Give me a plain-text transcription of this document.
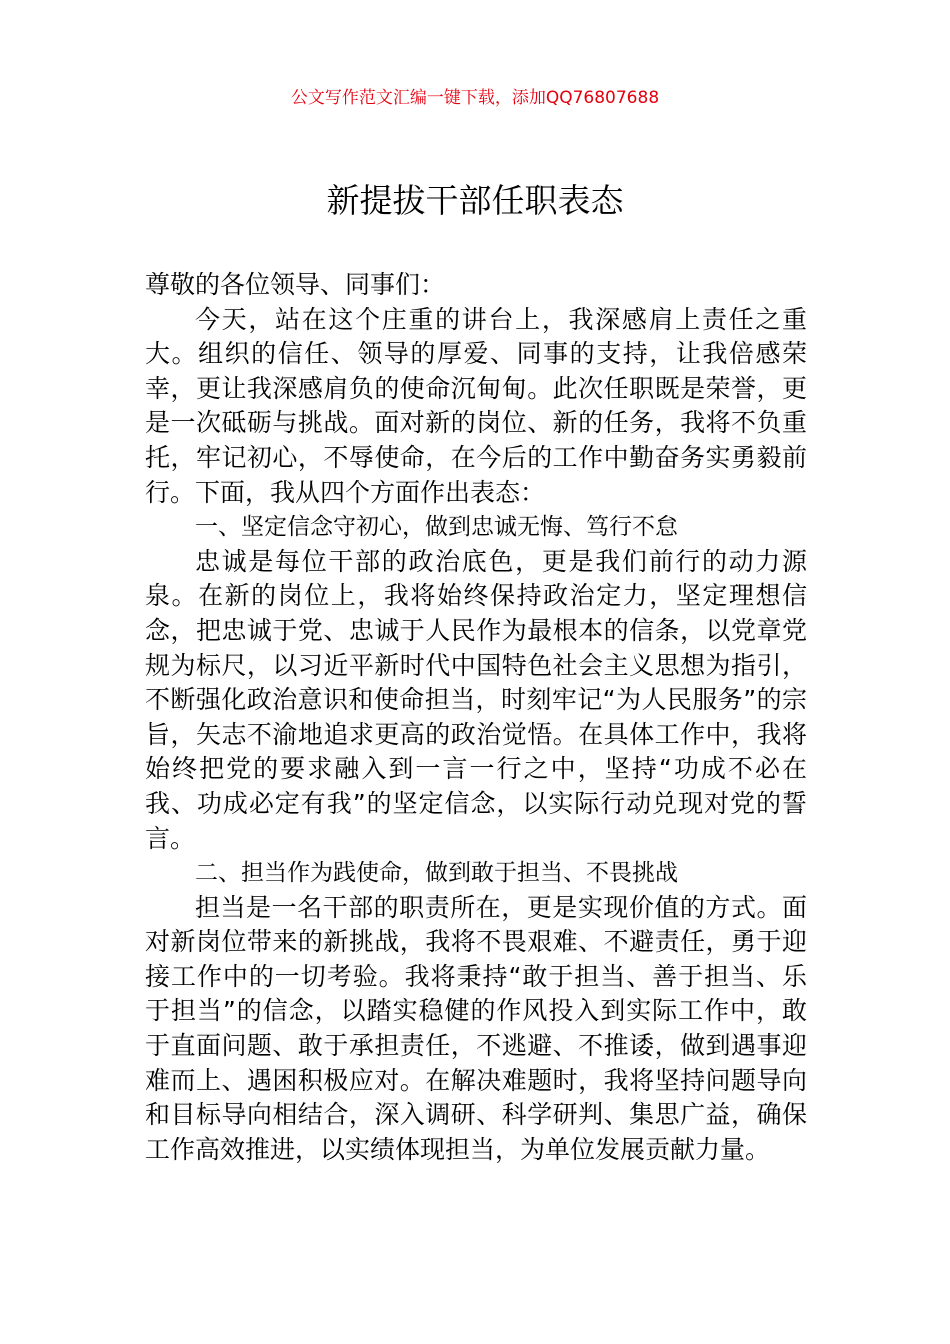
公文写作范文汇编一键下载，添加QQ76807688
新提拔干部任职表态

尊敬的各位领导、同事们：

今天，站在这个庄重的讲台上，我深感肩上责任之重大。组织的信任、领导的厚爱、同事的支持，让我倍感荣幸，更让我深感肩负的使命沉甸甸。此次任职既是荣誉，更是一次砥砺与挑战。面对新的岗位、新的任务，我将不负重托，牢记初心，不辱使命，在今后的工作中勤奋务实勇毅前行。下面，我从四个方面作出表态：

一、坚定信念守初心，做到忠诚无悔、笃行不怠

忠诚是每位干部的政治底色，更是我们前行的动力源泉。在新的岗位上，我将始终保持政治定力，坚定理想信念，把忠诚于党、忠诚于人民作为最根本的信条，以党章党规为标尺，以习近平新时代中国特色社会主义思想为指引，不断强化政治意识和使命担当，时刻牢记“为人民服务”的宗旨，矢志不渝地追求更高的政治觉悟。在具体工作中，我将始终把党的要求融入到一言一行之中，坚持“功成不必在我、功成必定有我”的坚定信念，以实际行动兑现对党的誓言。

二、担当作为践使命，做到敢于担当、不畏挑战

担当是一名干部的职责所在，更是实现价值的方式。面对新岗位带来的新挑战，我将不畏艰难、不避责任，勇于迎接工作中的一切考验。我将秉持“敢于担当、善于担当、乐于担当”的信念，以踏实稳健的作风投入到实际工作中，敢于直面问题、敢于承担责任，不逃避、不推诿，做到遇事迎难而上、遇困积极应对。在解决难题时，我将坚持问题导向和目标导向相结合，深入调研、科学研判、集思广益，确保工作高效推进，以实绩体现担当，为单位发展贡献力量。
